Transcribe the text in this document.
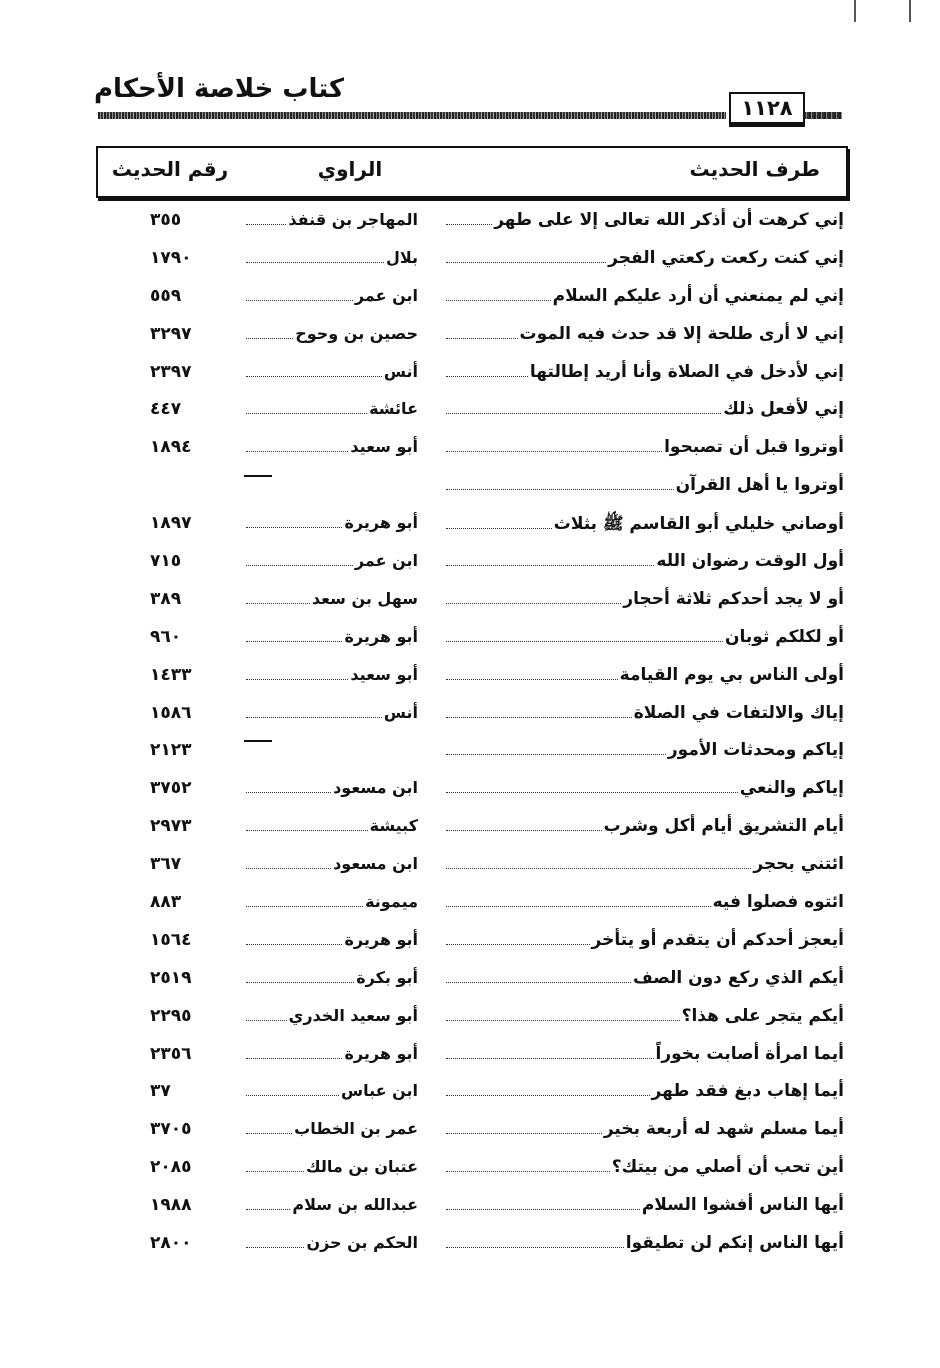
كتاب خلاصة الأحكام
١١٢٨
رقم الحديث	الراوي	طرف الحديث
إني كرهت أن أذكر الله تعالى إلا على طهر
المهاجر بن قنفذ
٣٥٥
إني كنت ركعت ركعتي الفجر
بلال
١٧٩٠
إني لم يمنعني أن أرد عليكم السلام
ابن عمر
٥٥٩
إني لا أرى طلحة إلا قد حدث فيه الموت
حصين بن وحوح
٣٢٩٧
إني لأدخل في الصلاة وأنا أريد إطالتها
أنس
٢٣٩٧
إني لأفعل ذلك
عائشة
٤٤٧
أوتروا قبل أن تصبحوا
أبو سعيد
١٨٩٤
أوتروا يا أهل القرآن
أوصاني خليلي أبو القاسم ﷺ بثلاث
أبو هريرة
١٨٩٧
أول الوقت رضوان الله
ابن عمر
٧١٥
أو لا يجد أحدكم ثلاثة أحجار
سهل بن سعد
٣٨٩
أو لكلكم ثوبان
أبو هريرة
٩٦٠
أولى الناس بي يوم القيامة
أبو سعيد
١٤٣٣
إياك والالتفات في الصلاة
أنس
١٥٨٦
إياكم ومحدثات الأمور
٢١٢٣
إياكم والنعي
ابن مسعود
٣٧٥٢
أيام التشريق أيام أكل وشرب
كبيشة
٢٩٧٣
ائتني بحجر
ابن مسعود
٣٦٧
ائتوه فصلوا فيه
ميمونة
٨٨٣
أيعجز أحدكم أن يتقدم أو يتأخر
أبو هريرة
١٥٦٤
أيكم الذي ركع دون الصف
أبو بكرة
٢٥١٩
أيكم يتجر على هذا؟
أبو سعيد الخدري
٢٢٩٥
أيما امرأة أصابت بخوراً
أبو هريرة
٢٣٥٦
أيما إهاب دبغ فقد طهر
ابن عباس
٣٧
أيما مسلم شهد له أربعة بخير
عمر بن الخطاب
٣٧٠٥
أين تحب أن أصلي من بيتك؟
عتبان بن مالك
٢٠٨٥
أيها الناس أفشوا السلام
عبدالله بن سلام
١٩٨٨
أيها الناس إنكم لن تطيقوا
الحكم بن حزن
٢٨٠٠
